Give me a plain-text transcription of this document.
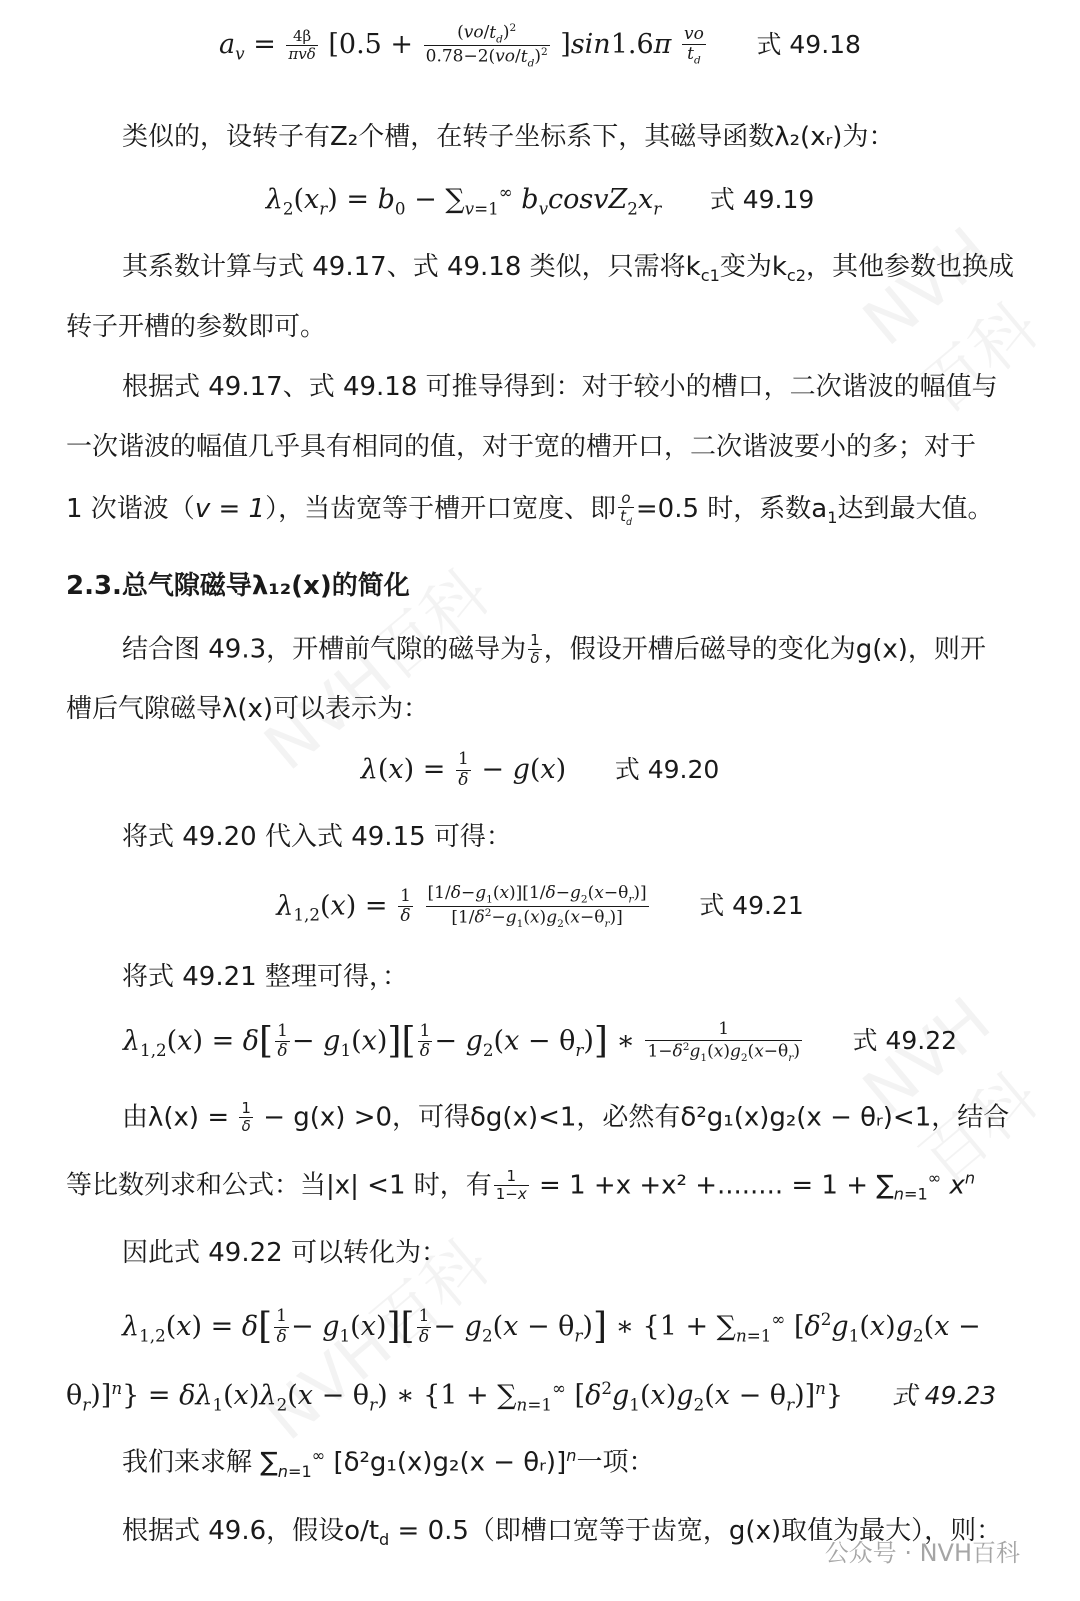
$a_v = \frac{4\beta}{\text{πvδ}} [0.5 + \frac{(vo/t_d)^2}{0.78-2(vo/t_d)^2} ]\sin 1.6\pi \frac{vo}{t_d}$ 式 49.18
类似的，设转子有Z₂个槽，在转子坐标系下，其磁导函数λ₂(xᵣ)为：
$\lambda_2(x_r) = b_0 - \sum_{v=1}^\infty$ $b_vcosvZ_2x_r$ 式 49.19
其系数计算与式 49.17、式 49.18 类似，只需将$k_{c1}$变为$k_{c2}$，其他参数也换成
转子开槽的参数即可。
根据式 49.17、式 49.18 可推导得到：对于较小的槽口，二次谐波的幅值与
一次谐波的幅值几乎具有相同的值，对于宽的槽开口，二次谐波要小的多；对于
1 次谐波（v = 1），当齿宽等于槽开口宽度、即 $\frac{o}{t_d} =0.5$ 时，系数$a_1$达到最大值。
2.3.总气隙磁导λ₁₂(x)的简化
结合图 49.3，开槽前气隙的磁导为 $\frac{1}{\delta}$ ，假设开槽后磁导的变化为g(x)，则开
槽后气隙磁导λ(x)可以表示为：
$\lambda(x) = \frac{1}{\delta} - g(x)$ 式 49.20
将式 49.20 代入式 49.15 可得：
$\lambda_{1,2}(x) = \frac{1}{\delta}$
$\frac{[1/\delta-g_1(x)][1/\delta-g_2(x-\theta_r)]}{[1/\delta^2-g_1(x)g_2(x-\theta_r)]}$ 式 49.21
将式 49.21 整理可得，：
$\lambda_{1,2}(x) = \delta[ \frac{1}{\delta} - g_1(x)][ \frac{1}{\delta} - g_2(x - \theta_r)]$ ∗ $\frac{1}{1-\delta^2g_1(x)g_2(x-\theta_r)}$ 式 49.22
由$\lambda(x) = \frac{1}{\delta} - g(x) >0$，可得δg(x)<1，必然有δ²g₁(x)g₂(x − θᵣ)<1，结合
等比数列求和公式：当|x| <1 时，有 $\frac{1}{1-x} = 1 +x +x^2$ +........ = $1 + \sum_{n=1}^\infty$ $x^n$
因此式 49.22 可以转化为：
$\lambda_{1,2}(x) = \delta[ \frac{1}{\delta} - g_1(x)][ \frac{1}{\delta} - g_2(x - \theta_r)]$ ∗ {$1 + \sum_{n=1}^\infty$ [$\delta^2g_1(x)g_2(x$ −
$\theta_r)]^n\} = \delta\lambda_1(x)\lambda_2(x - \theta_r)$ ∗ {$1 + \sum_{n=1}^\infty$ $[\delta^2g_1(x)g_2(x - \theta_r)]^n$} 式 49.23
我们来求解 $\sum_{n=1}^\infty$ [δ²g₁(x)g₂(x − θᵣ)]$^n$一项：
根据式 49.6，假设$o/t_d = 0.5$（即槽口宽等于齿宽，g(x)取值为最大），则：
公众号 · NVH百科
